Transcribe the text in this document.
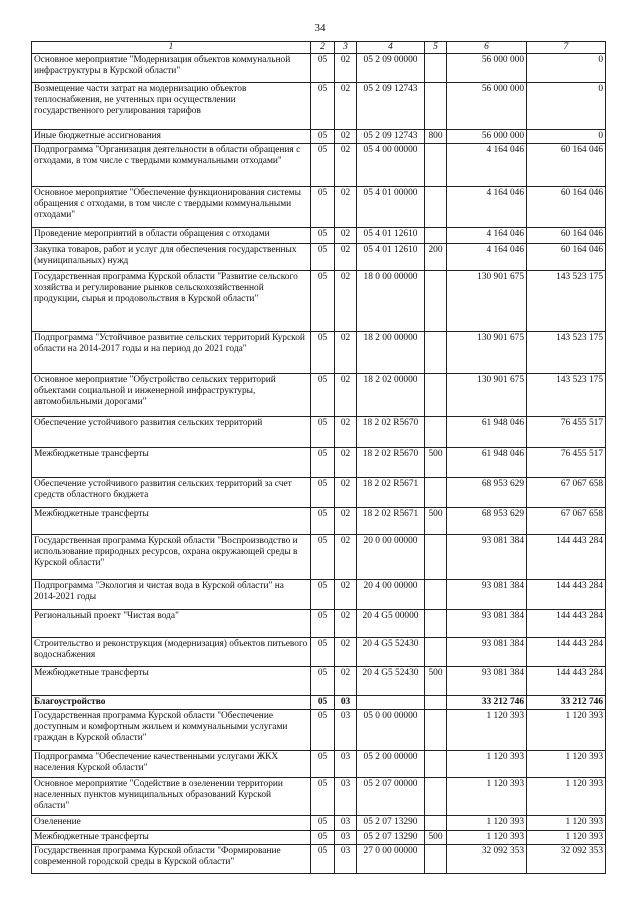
34
1	2	3	4	5	6	7
Основное мероприятие "Модернизация объектов коммунальной инфраструктуры в Курской области"	05	02	05 2 09 00000		56 000 000	0
Возмещение части затрат на модернизацию объектов теплоснабжения, не учтенных при осуществлении государственного регулирования тарифов	05	02	05 2 09 12743		56 000 000	0
Иные бюджетные ассигнования	05	02	05 2 09 12743	800	56 000 000	0
Подпрограмма "Организация деятельности в области обращения с отходами, в том числе с твердыми коммунальными отходами"	05	02	05 4 00 00000		4 164 046	60 164 046
Основное мероприятие "Обеспечение функционирования системы обращения с отходами, в том числе с твердыми коммунальными отходами"	05	02	05 4 01 00000		4 164 046	60 164 046
Проведение мероприятий в области обращения с отходами	05	02	05 4 01 12610		4 164 046	60 164 046
Закупка товаров, работ и услуг для обеспечения государственных (муниципальных) нужд	05	02	05 4 01 12610	200	4 164 046	60 164 046
Государственная программа Курской области "Развитие сельского хозяйства и регулирование рынков сельскохозяйственной продукции, сырья и продовольствия в Курской области"	05	02	18 0 00 00000		130 901 675	143 523 175
Подпрограмма "Устойчивое развитие сельских территорий Курской области на 2014-2017 годы и на период до 2021 года"	05	02	18 2 00 00000		130 901 675	143 523 175
Основное мероприятие "Обустройство сельских территорий объектами социальной и инженерной инфраструктуры, автомобильными дорогами"	05	02	18 2 02 00000		130 901 675	143 523 175
Обеспечение устойчивого развития сельских территорий	05	02	18 2 02 R5670		61 948 046	76 455 517
Межбюджетные трансферты	05	02	18 2 02 R5670	500	61 948 046	76 455 517
Обеспечение устойчивого развития сельских территорий за счет средств областного бюджета	05	02	18 2 02 R5671		68 953 629	67 067 658
Межбюджетные трансферты	05	02	18 2 02 R5671	500	68 953 629	67 067 658
Государственная программа Курской области "Воспроизводство и использование природных ресурсов, охрана окружающей среды в Курской области"	05	02	20 0 00 00000		93 081 384	144 443 284
Подпрограмма "Экология и чистая вода в Курской области" на 2014-2021 годы	05	02	20 4 00 00000		93 081 384	144 443 284
Региональный проект "Чистая вода"	05	02	20 4 G5 00000		93 081 384	144 443 284
Строительство и реконструкция (модернизация) объектов питьевого водоснабжения	05	02	20 4 G5 52430		93 081 384	144 443 284
Межбюджетные трансферты	05	02	20 4 G5 52430	500	93 081 384	144 443 284
Благоустройство	05	03			33 212 746	33 212 746
Государственная программа Курской области "Обеспечение доступным и комфортным жильем и коммунальными услугами граждан в Курской области"	05	03	05 0 00 00000		1 120 393	1 120 393
Подпрограмма "Обеспечение качественными услугами ЖКХ населения Курской области"	05	03	05 2 00 00000		1 120 393	1 120 393
Основное мероприятие "Содействие в озеленении территории населенных пунктов муниципальных образований Курской области"	05	03	05 2 07 00000		1 120 393	1 120 393
Озеленение	05	03	05 2 07 13290		1 120 393	1 120 393
Межбюджетные трансферты	05	03	05 2 07 13290	500	1 120 393	1 120 393
Государственная программа Курской области "Формирование современной городской среды в Курской области"	05	03	27 0 00 00000		32 092 353	32 092 353
